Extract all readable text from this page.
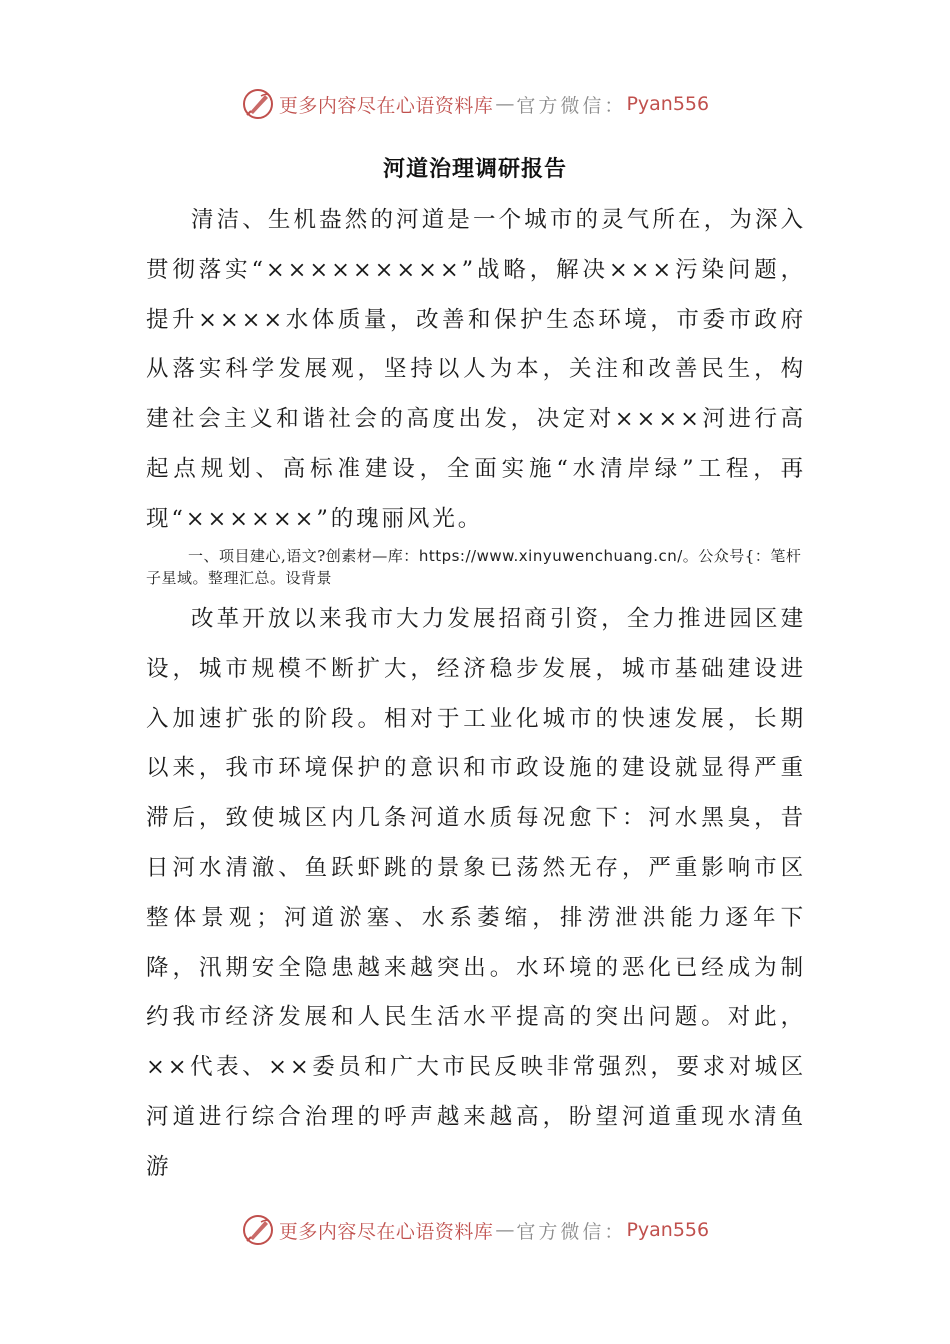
更多内容尽在心语资料库 — 官方微信： Pyan556
河道治理调研报告

清洁、生机盎然的河道是一个城市的灵气所在，为深入贯彻落实“×××××××××”战略，解决×××污染问题，提升××××水体质量，改善和保护生态环境，市委市政府从落实科学发展观，坚持以人为本，关注和改善民生，构建社会主义和谐社会的高度出发，决定对××××河进行高起点规划、高标准建设，全面实施“水清岸绿”工程，再现“××××××”的瑰丽风光。

一、项目建心,语文?创素材—库：https://www.xinyuwenchuang.cn/。公众号{：笔杆子星域。整理汇总。设背景

改革开放以来我市大力发展招商引资，全力推进园区建设，城市规模不断扩大，经济稳步发展，城市基础建设进入加速扩张的阶段。相对于工业化城市的快速发展，长期以来，我市环境保护的意识和市政设施的建设就显得严重滞后，致使城区内几条河道水质每况愈下：河水黑臭，昔日河水清澈、鱼跃虾跳的景象已荡然无存，严重影响市区整体景观；河道淤塞、水系萎缩，排涝泄洪能力逐年下降，汛期安全隐患越来越突出。水环境的恶化已经成为制约我市经济发展和人民生活水平提高的突出问题。对此，××代表、××委员和广大市民反映非常强烈，要求对城区河道进行综合治理的呼声越来越高，盼望河道重现水清鱼游

更多内容尽在心语资料库 — 官方微信： Pyan556
